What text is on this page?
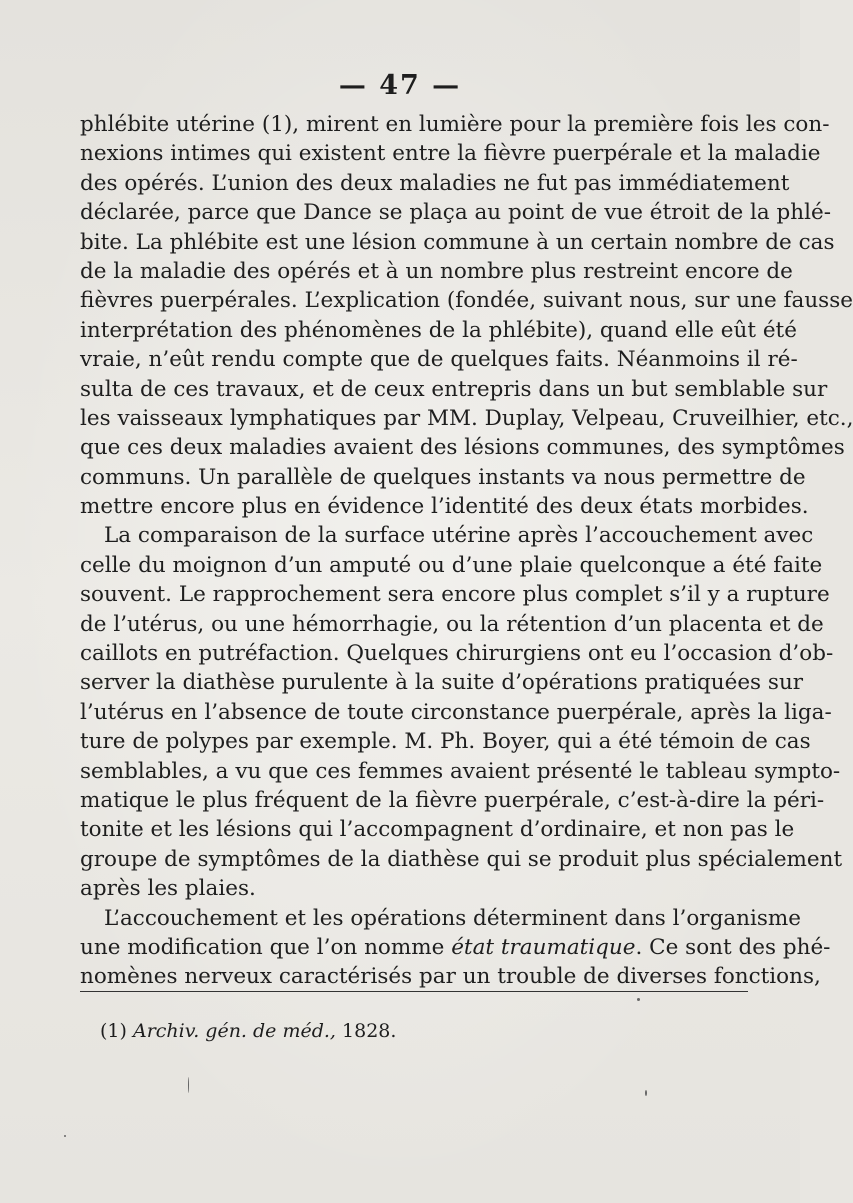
— 47 —
phlébite utérine (1), mirent en lumière pour la première fois les con-
nexions intimes qui existent entre la fièvre puerpérale et la maladie
des opérés. L’union des deux maladies ne fut pas immédiatement
déclarée, parce que Dance se plaça au point de vue étroit de la phlé-
bite. La phlébite est une lésion commune à un certain nombre de cas
de la maladie des opérés et à un nombre plus restreint encore de
fièvres puerpérales. L’explication (fondée, suivant nous, sur une fausse
interprétation des phénomènes de la phlébite), quand elle eût été
vraie, n’eût rendu compte que de quelques faits. Néanmoins il ré-
sulta de ces travaux, et de ceux entrepris dans un but semblable sur
les vaisseaux lymphatiques par MM. Duplay, Velpeau, Cruveilhier, etc.,
que ces deux maladies avaient des lésions communes, des symptômes
communs. Un parallèle de quelques instants va nous permettre de
mettre encore plus en évidence l’identité des deux états morbides.
La comparaison de la surface utérine après l’accouchement avec
celle du moignon d’un amputé ou d’une plaie quelconque a été faite
souvent. Le rapprochement sera encore plus complet s’il y a rupture
de l’utérus, ou une hémorrhagie, ou la rétention d’un placenta et de
caillots en putréfaction. Quelques chirurgiens ont eu l’occasion d’ob-
server la diathèse purulente à la suite d’opérations pratiquées sur
l’utérus en l’absence de toute circonstance puerpérale, après la liga-
ture de polypes par exemple. M. Ph. Boyer, qui a été témoin de cas
semblables, a vu que ces femmes avaient présenté le tableau sympto-
matique le plus fréquent de la fièvre puerpérale, c’est-à-dire la péri-
tonite et les lésions qui l’accompagnent d’ordinaire, et non pas le
groupe de symptômes de la diathèse qui se produit plus spécialement
après les plaies.
L’accouchement et les opérations déterminent dans l’organisme
une modification que l’on nomme état traumatique. Ce sont des phé-
nomènes nerveux caractérisés par un trouble de diverses fonctions,
(1) Archiv. gén. de méd., 1828.
